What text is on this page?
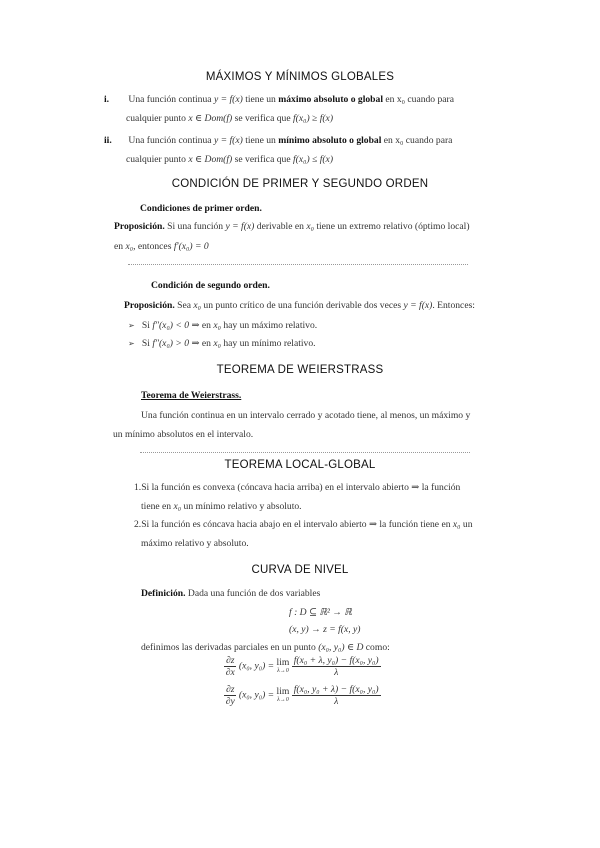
MÁXIMOS Y MÍNIMOS GLOBALES
i. Una función continua y = f(x) tiene un máximo absoluto o global en x₀ cuando para
cualquier punto x ∈ Dom(f) se verifica que f(x₀) ≥ f(x)
ii. Una función continua y = f(x) tiene un mínimo absoluto o global en x₀ cuando para
cualquier punto x ∈ Dom(f) se verifica que f(x₀) ≤ f(x)
CONDICIÓN DE PRIMER Y SEGUNDO ORDEN
Condiciones de primer orden.
Proposición. Si una función y = f(x) derivable en x₀ tiene un extremo relativo (óptimo local)
en x₀, entonces f′(x₀) = 0
Condición de segundo orden.
Proposición. Sea x₀ un punto crítico de una función derivable dos veces y = f(x). Entonces:
➢ Si f″(x₀) < 0 ⇒ en x₀ hay un máximo relativo.
➢ Si f″(x₀) > 0 ⇒ en x₀ hay un mínimo relativo.
TEOREMA DE WEIERSTRASS
Teorema de Weierstrass.
Una función continua en un intervalo cerrado y acotado tiene, al menos, un máximo y
un mínimo absolutos en el intervalo.
TEOREMA LOCAL-GLOBAL
1.Si la función es convexa (cóncava hacia arriba) en el intervalo abierto ⇒ la función
tiene en x₀ un mínimo relativo y absoluto.
2.Si la función es cóncava hacia abajo en el intervalo abierto ⇒ la función tiene en x₀ un
máximo relativo y absoluto.
CURVA DE NIVEL
Definición. Dada una función de dos variables
f : D ⊆ ℝ² → ℝ
(x, y) → z = f(x, y)
definimos las derivadas parciales en un punto (x₀, y₀) ∈ D como:
$\frac{\partial z}{\partial x} (x_0$, y₀) = lim
λ→0
$\frac{\text{f(x₀ + λ, y₀) − f(x₀, y₀)}}{\lambda}$
$\frac{\partial z}{\partial y} (x_0$, y₀) = lim
λ→0
$\frac{\text{f(x₀, y₀ + λ) − f(x₀, y₀)}}{\lambda}$
